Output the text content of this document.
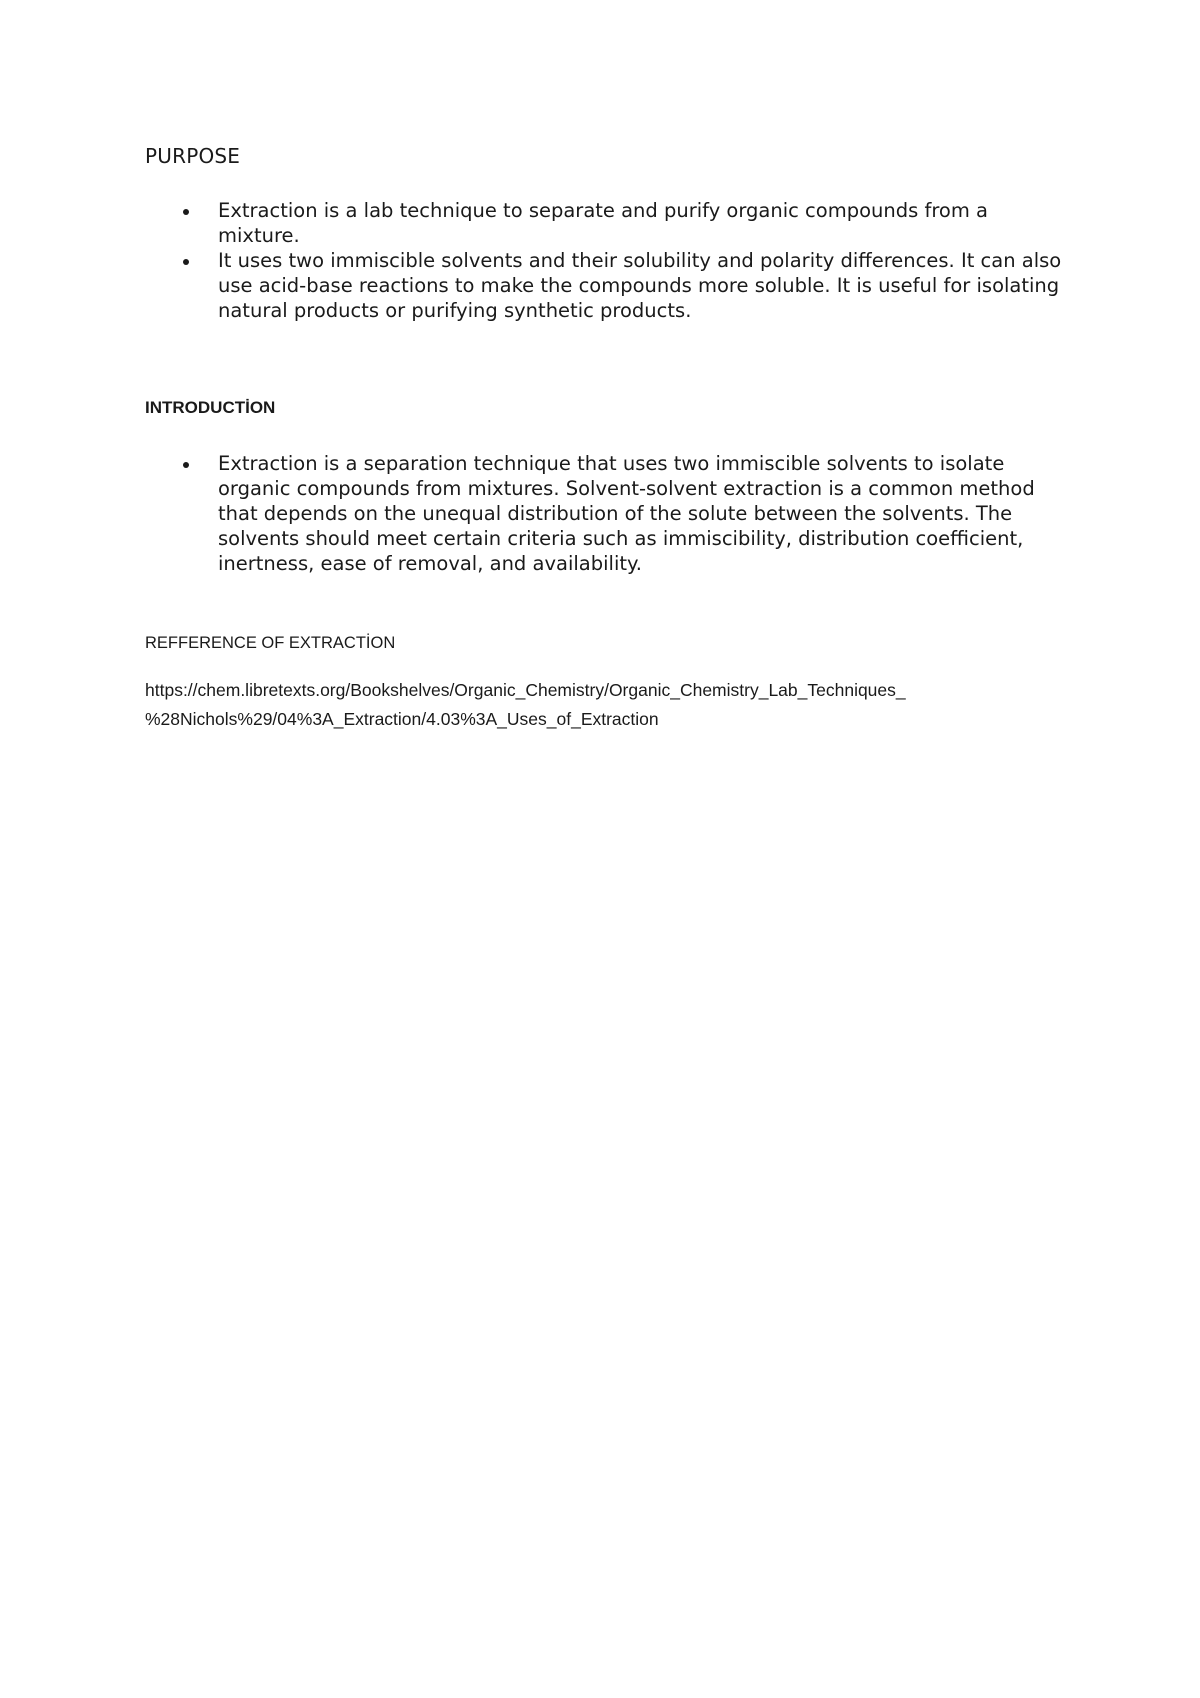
PURPOSE
Extraction is a lab technique to separate and purify organic compounds from a mixture.
It uses two immiscible solvents and their solubility and polarity differences. It can also use acid-base reactions to make the compounds more soluble. It is useful for isolating natural products or purifying synthetic products.
INTRODUCTİON
Extraction is a separation technique that uses two immiscible solvents to isolate organic compounds from mixtures. Solvent-solvent extraction is a common method that depends on the unequal distribution of the solute between the solvents. The solvents should meet certain criteria such as immiscibility, distribution coefficient, inertness, ease of removal, and availability.

REFFERENCE OF EXTRACTİON

https://chem.libretexts.org/Bookshelves/Organic_Chemistry/Organic_Chemistry_Lab_Techniques_
%28Nichols%29/04%3A_Extraction/4.03%3A_Uses_of_Extraction
